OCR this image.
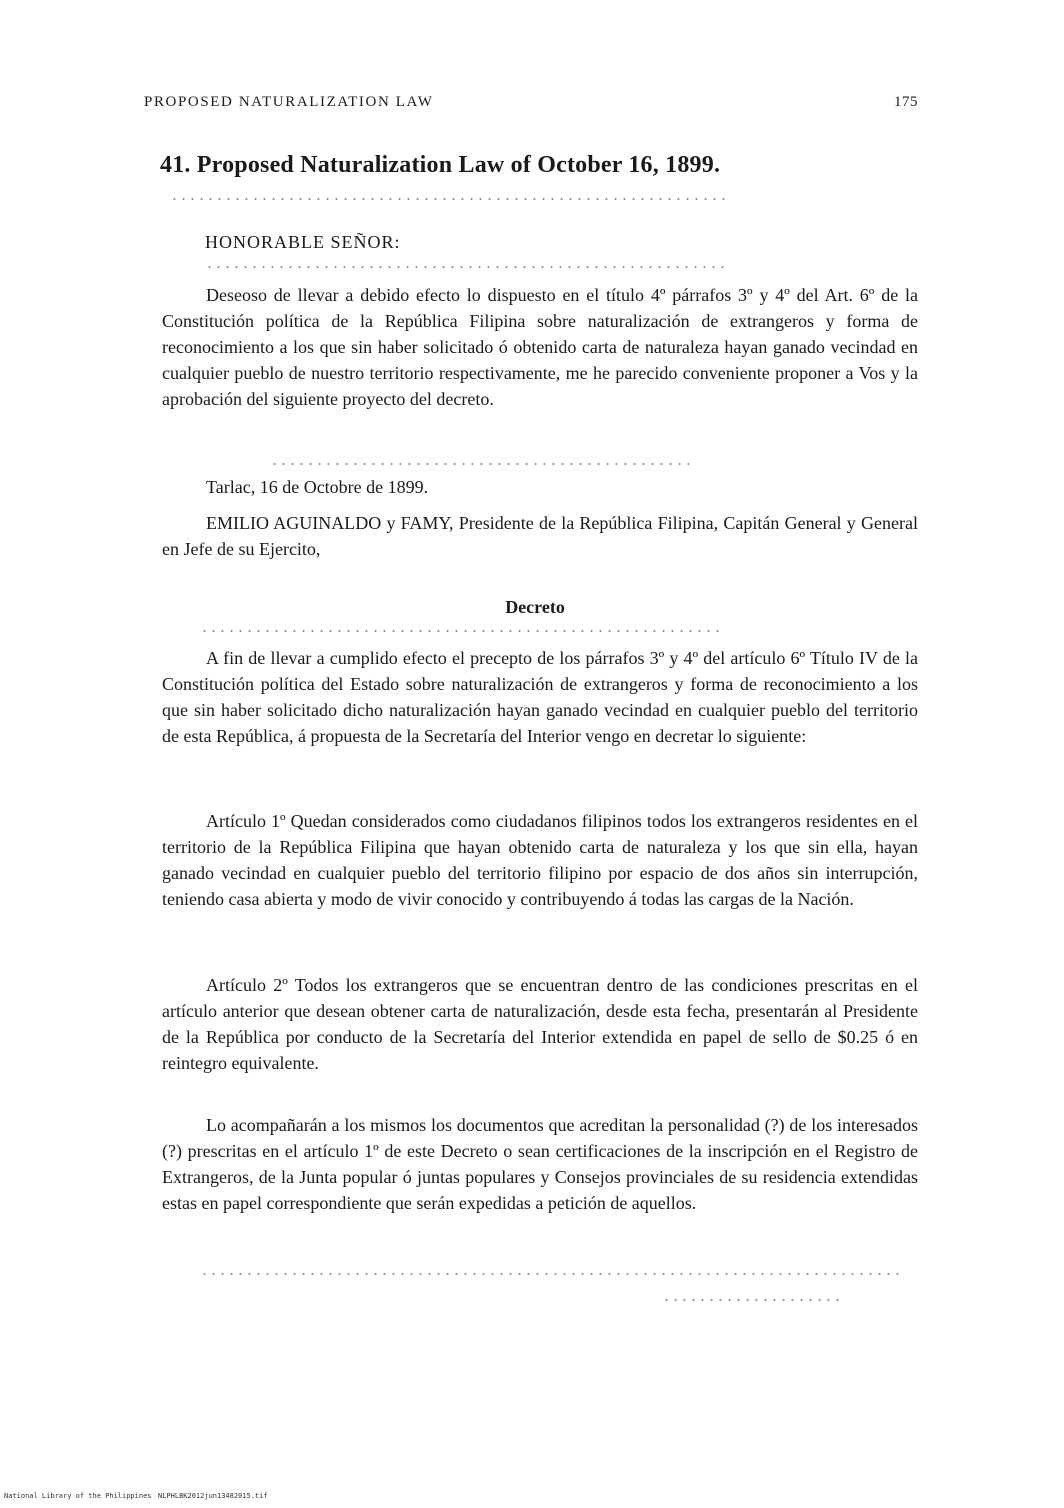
PROPOSED NATURALIZATION LAW	175
41. Proposed Naturalization Law of October 16, 1899.

HONORABLE SEÑOR:

Deseoso de llevar a debido efecto lo dispuesto en el título 4º párrafos 3º y 4º del Art. 6º de la Constitución política de la República Filipina sobre naturalización de extrangeros y forma de reconocimiento a los que sin haber solicitado ó obtenido carta de naturaleza hayan ganado vecindad en cualquier pueblo de nuestro territorio respectivamente, me he parecido conveniente proponer a Vos y la aprobación del siguiente proyecto del decreto.

Tarlac, 16 de Octobre de 1899.

EMILIO AGUINALDO y FAMY, Presidente de la República Filipina, Capitán General y General en Jefe de su Ejercito,

Decreto

A fin de llevar a cumplido efecto el precepto de los párrafos 3º y 4º del artículo 6º Título IV de la Constitución política del Estado sobre naturalización de extrangeros y forma de reconocimiento a los que sin haber solicitado dicho naturalización hayan ganado vecindad en cualquier pueblo del territorio de esta República, á propuesta de la Secretaría del Interior vengo en decretar lo siguiente:

Artículo 1º Quedan considerados como ciudadanos filipinos todos los extrangeros residentes en el territorio de la República Filipina que hayan obtenido carta de naturaleza y los que sin ella, hayan ganado vecindad en cualquier pueblo del territorio filipino por espacio de dos años sin interrupción, teniendo casa abierta y modo de vivir conocido y contribuyendo á todas las cargas de la Nación.

Artículo 2º Todos los extrangeros que se encuentran dentro de las condiciones prescritas en el artículo anterior que desean obtener carta de naturalización, desde esta fecha, presentarán al Presidente de la República por conducto de la Secretaría del Interior extendida en papel de sello de $0.25 ó en reintegro equivalente.

Lo acompañarán a los mismos los documentos que acreditan la personalidad (?) de los interesados (?) prescritas en el artículo 1º de este Decreto o sean certificaciones de la inscripción en el Registro de Extrangeros, de la Junta popular ó juntas populares y Consejos provinciales de su residencia extendidas estas en papel correspondiente que serán expedidas a petición de aquellos.

National Library of the Philippines NLPHLBK2012jun13482015.tif
